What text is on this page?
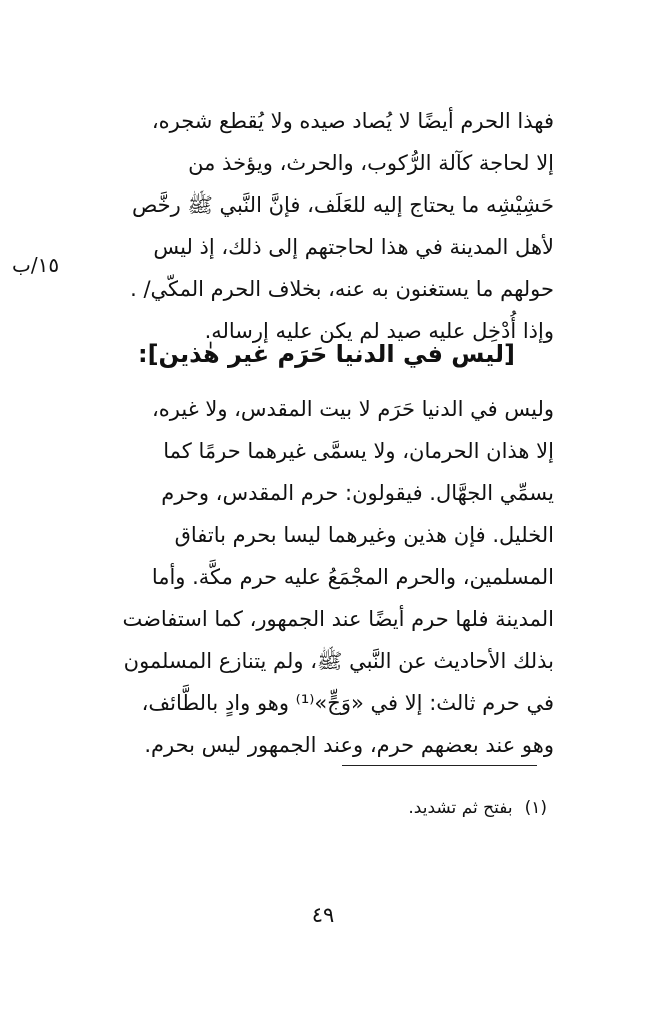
فهذا الحرم أيضًا لا يُصاد صيده ولا يُقطع شجره،
إلا لحاجة كآلة الرُّكوب، والحرث، ويؤخذ من
حَشِيْشِه ما يحتاج إليه للعَلَف، فإنَّ النَّبي ﷺ رخَّص
لأهل المدينة في هذا لحاجتهم إلى ذلك، إذ ليس
حولهم ما يستغنون به عنه، بخلاف الحرم المكّي/ .
وإذا أُدْخِل عليه صيد لم يكن عليه إرساله.
١٥/ب
[ليس في الدنيا حَرَم غير هٰذين]:
وليس في الدنيا حَرَم لا بيت المقدس، ولا غيره،
إلا هذان الحرمان، ولا يسمَّى غيرهما حرمًا كما
يسمِّي الجهَّال. فيقولون: حرم المقدس، وحرم
الخليل. فإن هذين وغيرهما ليسا بحرم باتفاق
المسلمين، والحرم المجْمَعُ عليه حرم مكَّة. وأما
المدينة فلها حرم أيضًا عند الجمهور، كما استفاضت
بذلك الأحاديث عن النَّبي ﷺ، ولم يتنازع المسلمون
في حرم ثالث: إلا في «وَجٍّ»⁽¹⁾ وهو وادٍ بالطَّائف،
وهو عند بعضهم حرم، وعند الجمهور ليس بحرم.
(١)بفتح ثم تشديد.
٤٩
